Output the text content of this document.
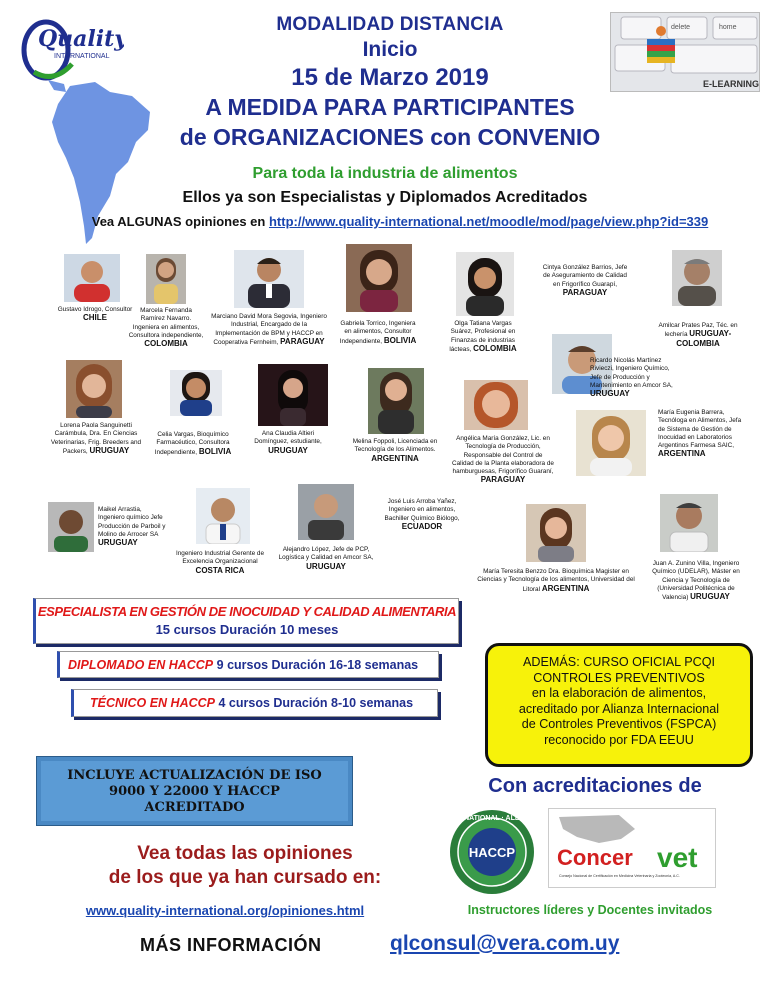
Quality
INTERNATIONAL
MODALIDAD DISTANCIA
Inicio
15 de Marzo 2019
A MEDIDA PARA PARTICIPANTES
de ORGANIZACIONES con CONVENIO
delete	home
E-LEARNING
Para toda la industria de alimentos
Ellos ya son Especialistas y Diplomados Acreditados
Vea ALGUNAS opiniones en http://www.quality-international.net/moodle/mod/page/view.php?id=339
Gustavo Idrogo, Consultor CHILE
Marcela Fernanda Ramírez Navarro. Ingeniera en alimentos, Consultora independiente, COLOMBIA
Marciano David Mora Segovia, Ingeniero Industrial, Encargado de la Implementación de BPM y HACCP en Cooperativa Fernheim, PARAGUAY
Gabriela Torrico, Ingeniera en alimentos, Consultor Independiente, BOLIVIA
Olga Tatiana Vargas Suárez, Profesional en Finanzas de industrias lácteas, COLOMBIA
Cintya González Barrios, Jefe de Aseguramiento de Calidad en Frigorífico Guarapí, PARAGUAY
Amilcar Prates Paz, Téc. en lechería URUGUAY-COLOMBIA
Lorena Paola Sanguinetti Carámbula, Dra. En Ciencias Veterinarias, Frig. Breeders and Packers, URUGUAY
Celia Vargas, Bioquímico Farmacéutico, Consultora Independiente, BOLIVIA
Ana Claudia Altieri Domínguez, estudiante, URUGUAY
Melina Foppoli, Licenciada en Tecnología de los Alimentos. ARGENTINA
Angélica María González, Lic. en Tecnología de Producción, Responsable del Control de Calidad de la Planta elaboradora de hamburguesas, Frigorífico Guaraní, PARAGUAY
Ricardo Nicolás Martínez Rivieczi, Ingeniero Químico, Jefe de Producción y Mantenimiento en Amcor SA, URUGUAY
María Eugenia Barrera, Tecnóloga en Alimentos, Jefa de Sistema de Gestión de Inocuidad en Laboratorios Argentinos Farmesa SAIC, ARGENTINA
Maikel Arrastia, Ingeniero químico Jefe Producción de Parboil y Molino de Arrocer SA URUGUAY
Ingeniero Industrial Gerente de Excelencia Organizacional COSTA RICA
Alejandro López, Jefe de PCP, Logística y Calidad en Amcor SA, URUGUAY
José Luis Arroba Yañez, Ingeniero en alimentos, Bachiller Químico Biólogo, ECUADOR
María Teresita Benzzo Dra. Bioquímica Magister en Ciencias y Tecnología de los alimentos, Universidad del Litoral ARGENTINA
Juan A. Zunino Villa, Ingeniero Químico (UDELAR), Máster en Ciencia y Tecnología de (Universidad Politécnica de Valencia) URUGUAY
ESPECIALISTA EN GESTIÓN DE INOCUIDAD Y CALIDAD ALIMENTARIA
15 cursos Duración 10 meses
DIPLOMADO EN HACCP 9 cursos Duración 16-18 semanas
TÉCNICO EN HACCP 4 cursos Duración 8-10 semanas
ADEMÁS: CURSO OFICIAL PCQI
CONTROLES PREVENTIVOS
en la elaboración de alimentos,
acreditado por Alianza Internacional
de Controles Preventivos (FSPCA)
reconocido por FDA EEUU
INCLUYE ACTUALIZACIÓN DE ISO
9000 Y 22000 Y HACCP
ACREDITADO
Con acreditaciones de
INTERNATIONAL · ALLIANCE
HACCP Concer vet
Consejo Nacional de Certificación en Medicina Veterinaria y Zootecnia, A.C.
Vea todas las opiniones
de los que ya han cursado en:
www.quality-international.org/opiniones.html	Instructores líderes y Docentes invitados
MÁS INFORMACIÓN	qlconsul@vera.com.uy
